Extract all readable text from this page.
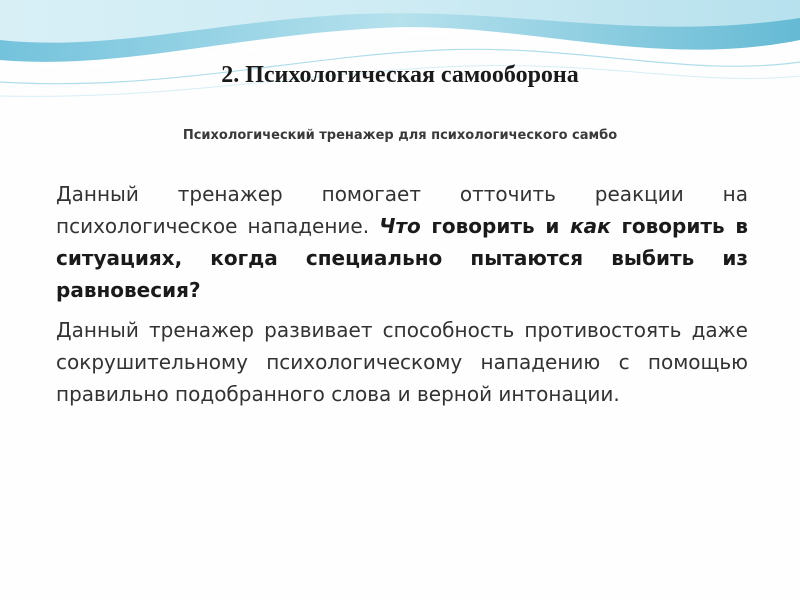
2. Психологическая самооборона

Психологический тренажер для психологического самбо

Данный тренажер помогает отточить реакции на психологическое нападение. Что говорить и как говорить в ситуациях, когда специально пытаются выбить из равновесия?

Данный тренажер развивает способность противостоять даже сокрушительному психологическому нападению с помощью правильно подобранного слова и верной интонации.
